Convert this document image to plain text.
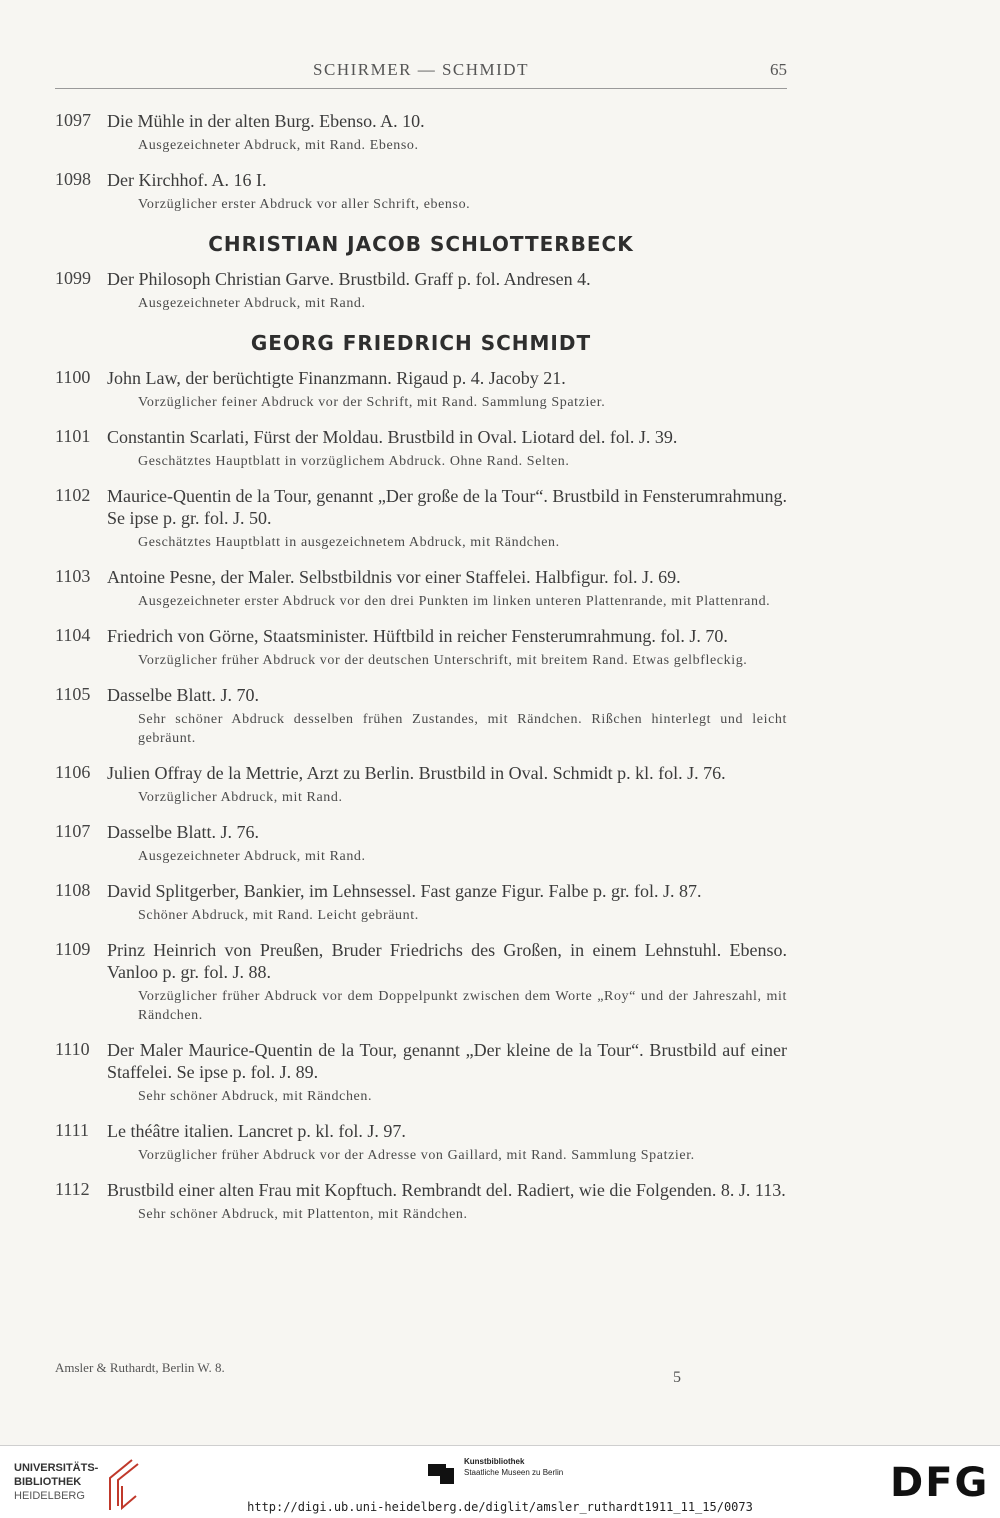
SCHIRMER — SCHMIDT	65
1097 Die Mühle in der alten Burg. Ebenso. A. 10.
Ausgezeichneter Abdruck, mit Rand. Ebenso.
1098 Der Kirchhof. A. 16 I.
Vorzüglicher erster Abdruck vor aller Schrift, ebenso.
CHRISTIAN JACOB SCHLOTTERBECK
1099 Der Philosoph Christian Garve. Brustbild. Graff p. fol. Andresen 4.
Ausgezeichneter Abdruck, mit Rand.
GEORG FRIEDRICH SCHMIDT
1100 John Law, der berüchtigte Finanzmann. Rigaud p. 4. Jacoby 21.
Vorzüglicher feiner Abdruck vor der Schrift, mit Rand. Sammlung Spatzier.
1101 Constantin Scarlati, Fürst der Moldau. Brustbild in Oval. Liotard del. fol. J. 39.
Geschätztes Hauptblatt in vorzüglichem Abdruck. Ohne Rand. Selten.
1102 Maurice-Quentin de la Tour, genannt „Der große de la Tour“. Brustbild in Fensterumrahmung. Se ipse p. gr. fol. J. 50.
Geschätztes Hauptblatt in ausgezeichnetem Abdruck, mit Rändchen.
1103 Antoine Pesne, der Maler. Selbstbildnis vor einer Staffelei. Halbfigur. fol. J. 69.
Ausgezeichneter erster Abdruck vor den drei Punkten im linken unteren Plattenrande, mit Plattenrand.
1104 Friedrich von Görne, Staatsminister. Hüftbild in reicher Fensterumrahmung. fol. J. 70.
Vorzüglicher früher Abdruck vor der deutschen Unterschrift, mit breitem Rand. Etwas gelbfleckig.
1105 Dasselbe Blatt. J. 70.
Sehr schöner Abdruck desselben frühen Zustandes, mit Rändchen. Rißchen hinterlegt und leicht gebräunt.
1106 Julien Offray de la Mettrie, Arzt zu Berlin. Brustbild in Oval. Schmidt p. kl. fol. J. 76.
Vorzüglicher Abdruck, mit Rand.
1107 Dasselbe Blatt. J. 76.
Ausgezeichneter Abdruck, mit Rand.
1108 David Splitgerber, Bankier, im Lehnsessel. Fast ganze Figur. Falbe p. gr. fol. J. 87.
Schöner Abdruck, mit Rand. Leicht gebräunt.
1109 Prinz Heinrich von Preußen, Bruder Friedrichs des Großen, in einem Lehnstuhl. Ebenso. Vanloo p. gr. fol. J. 88.
Vorzüglicher früher Abdruck vor dem Doppelpunkt zwischen dem Worte „Roy“ und der Jahreszahl, mit Rändchen.
1110 Der Maler Maurice-Quentin de la Tour, genannt „Der kleine de la Tour“. Brustbild auf einer Staffelei. Se ipse p. fol. J. 89.
Sehr schöner Abdruck, mit Rändchen.
1111 Le théâtre italien. Lancret p. kl. fol. J. 97.
Vorzüglicher früher Abdruck vor der Adresse von Gaillard, mit Rand. Sammlung Spatzier.
1112 Brustbild einer alten Frau mit Kopftuch. Rembrandt del. Radiert, wie die Folgenden. 8. J. 113.
Sehr schöner Abdruck, mit Plattenton, mit Rändchen.
Amsler & Ruthardt, Berlin W. 8.
5
UNIVERSITÄTS-
BIBLIOTHEK
HEIDELBERG
Kunstbibliothek
Staatliche Museen zu Berlin	DFG
http://digi.ub.uni-heidelberg.de/diglit/amsler_ruthardt1911_11_15/0073
